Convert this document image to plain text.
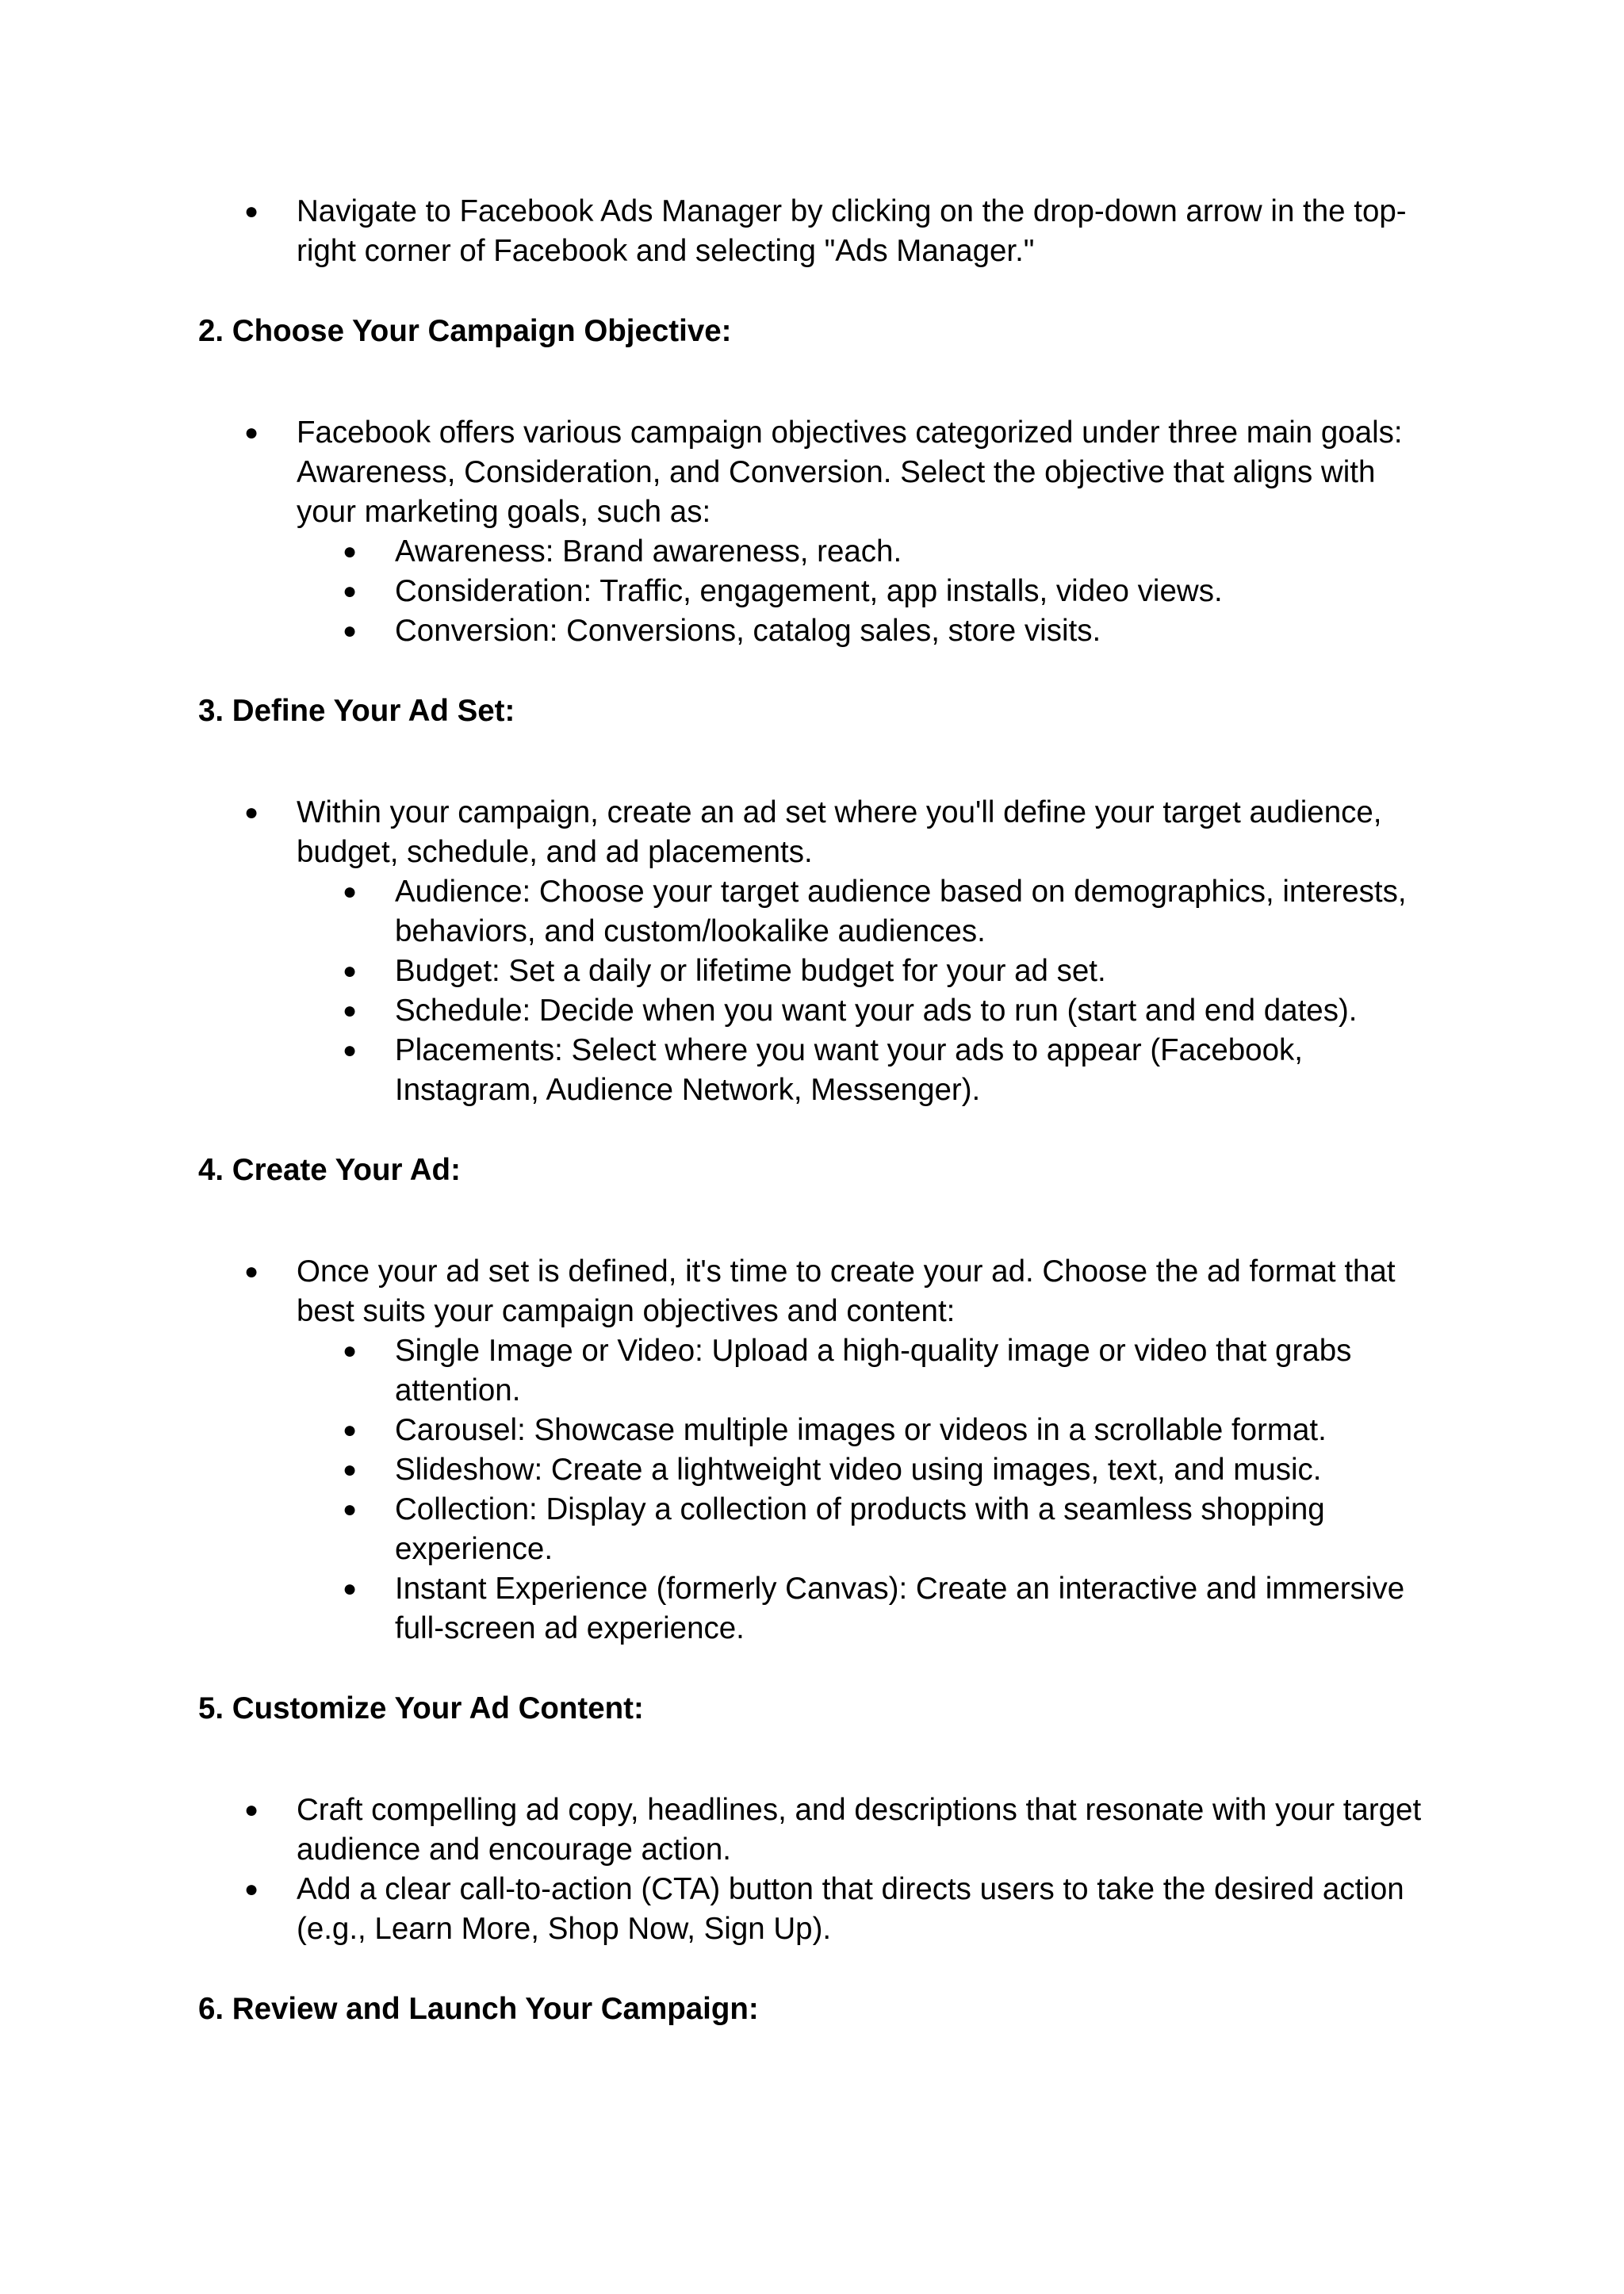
● Navigate to Facebook Ads Manager by clicking on the drop-down arrow in the top-right corner of Facebook and selecting "Ads Manager."
2. Choose Your Campaign Objective:
● Facebook offers various campaign objectives categorized under three main goals: Awareness, Consideration, and Conversion. Select the objective that aligns with your marketing goals, such as:
● Awareness: Brand awareness, reach.
● Consideration: Traffic, engagement, app installs, video views.
● Conversion: Conversions, catalog sales, store visits.
3. Define Your Ad Set:
● Within your campaign, create an ad set where you'll define your target audience, budget, schedule, and ad placements.
● Audience: Choose your target audience based on demographics, interests, behaviors, and custom/lookalike audiences.
● Budget: Set a daily or lifetime budget for your ad set.
● Schedule: Decide when you want your ads to run (start and end dates).
● Placements: Select where you want your ads to appear (Facebook, Instagram, Audience Network, Messenger).
4. Create Your Ad:
● Once your ad set is defined, it's time to create your ad. Choose the ad format that best suits your campaign objectives and content:
● Single Image or Video: Upload a high-quality image or video that grabs attention.
● Carousel: Showcase multiple images or videos in a scrollable format.
● Slideshow: Create a lightweight video using images, text, and music.
● Collection: Display a collection of products with a seamless shopping experience.
● Instant Experience (formerly Canvas): Create an interactive and immersive full-screen ad experience.
5. Customize Your Ad Content:
● Craft compelling ad copy, headlines, and descriptions that resonate with your target audience and encourage action.
● Add a clear call-to-action (CTA) button that directs users to take the desired action (e.g., Learn More, Shop Now, Sign Up).
6. Review and Launch Your Campaign:
